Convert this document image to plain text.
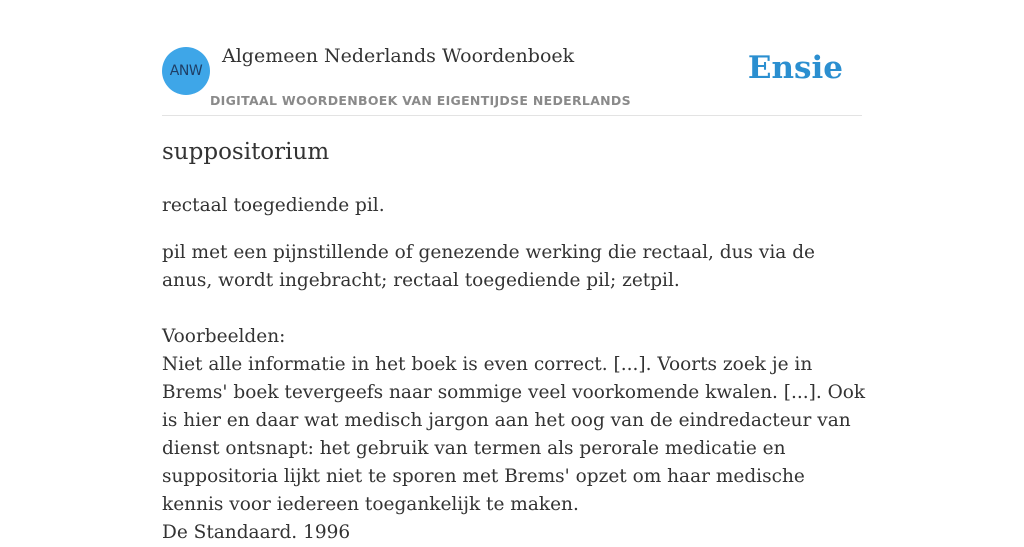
ANW
Algemeen Nederlands Woordenboek
DIGITAAL WOORDENBOEK VAN EIGENTIJDSE NEDERLANDS
Ensie
suppositorium
rectaal toegediende pil.
pil met een pijnstillende of genezende werking die rectaal, dus via de anus, wordt ingebracht; rectaal toegediende pil; zetpil.
Voorbeelden:
Niet alle informatie in het boek is even correct. [...]. Voorts zoek je in Brems' boek tevergeefs naar sommige veel voorkomende kwalen. [...]. Ook is hier en daar wat medisch jargon aan het oog van de eindredacteur van dienst ontsnapt: het gebruik van termen als perorale medicatie en suppositoria lijkt niet te sporen met Brems' opzet om haar medische kennis voor iedereen toegankelijk te maken.
De Standaard. 1996
